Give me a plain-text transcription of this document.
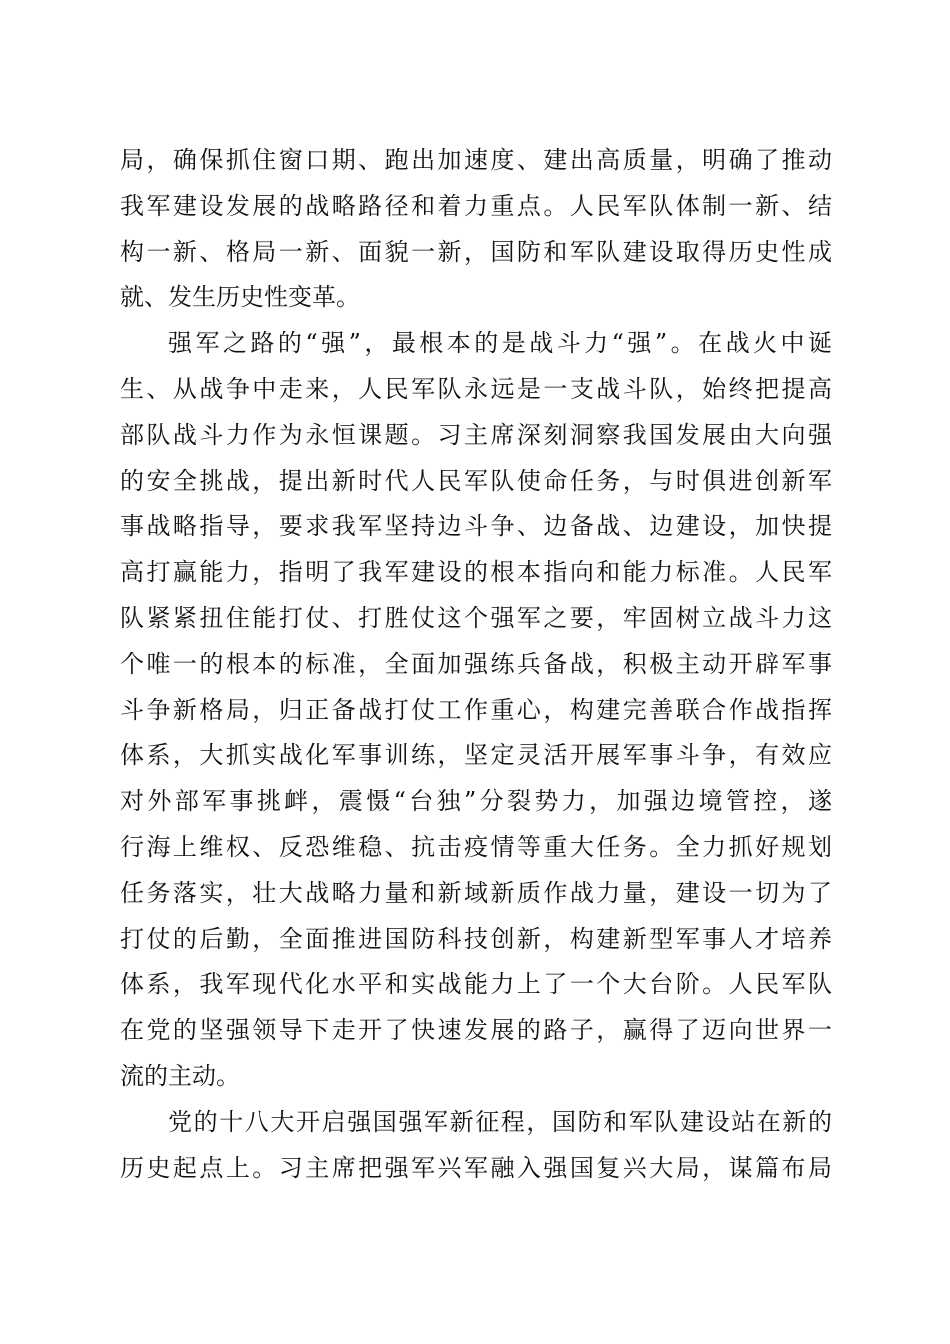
局，确保抓住窗口期、跑出加速度、建出高质量，明确了推动
我军建设发展的战略路径和着力重点。人民军队体制一新、结
构一新、格局一新、面貌一新，国防和军队建设取得历史性成
就、发生历史性变革。
强军之路的“强”，最根本的是战斗力“强”。在战火中诞
生、从战争中走来，人民军队永远是一支战斗队，始终把提高
部队战斗力作为永恒课题。习主席深刻洞察我国发展由大向强
的安全挑战，提出新时代人民军队使命任务，与时俱进创新军
事战略指导，要求我军坚持边斗争、边备战、边建设，加快提
高打赢能力，指明了我军建设的根本指向和能力标准。人民军
队紧紧扭住能打仗、打胜仗这个强军之要，牢固树立战斗力这
个唯一的根本的标准，全面加强练兵备战，积极主动开辟军事
斗争新格局，归正备战打仗工作重心，构建完善联合作战指挥
体系，大抓实战化军事训练，坚定灵活开展军事斗争，有效应
对外部军事挑衅，震慑“台独”分裂势力，加强边境管控，遂
行海上维权、反恐维稳、抗击疫情等重大任务。全力抓好规划
任务落实，壮大战略力量和新域新质作战力量，建设一切为了
打仗的后勤，全面推进国防科技创新，构建新型军事人才培养
体系，我军现代化水平和实战能力上了一个大台阶。人民军队
在党的坚强领导下走开了快速发展的路子，赢得了迈向世界一
流的主动。
党的十八大开启强国强军新征程，国防和军队建设站在新的
历史起点上。习主席把强军兴军融入强国复兴大局，谋篇布局
